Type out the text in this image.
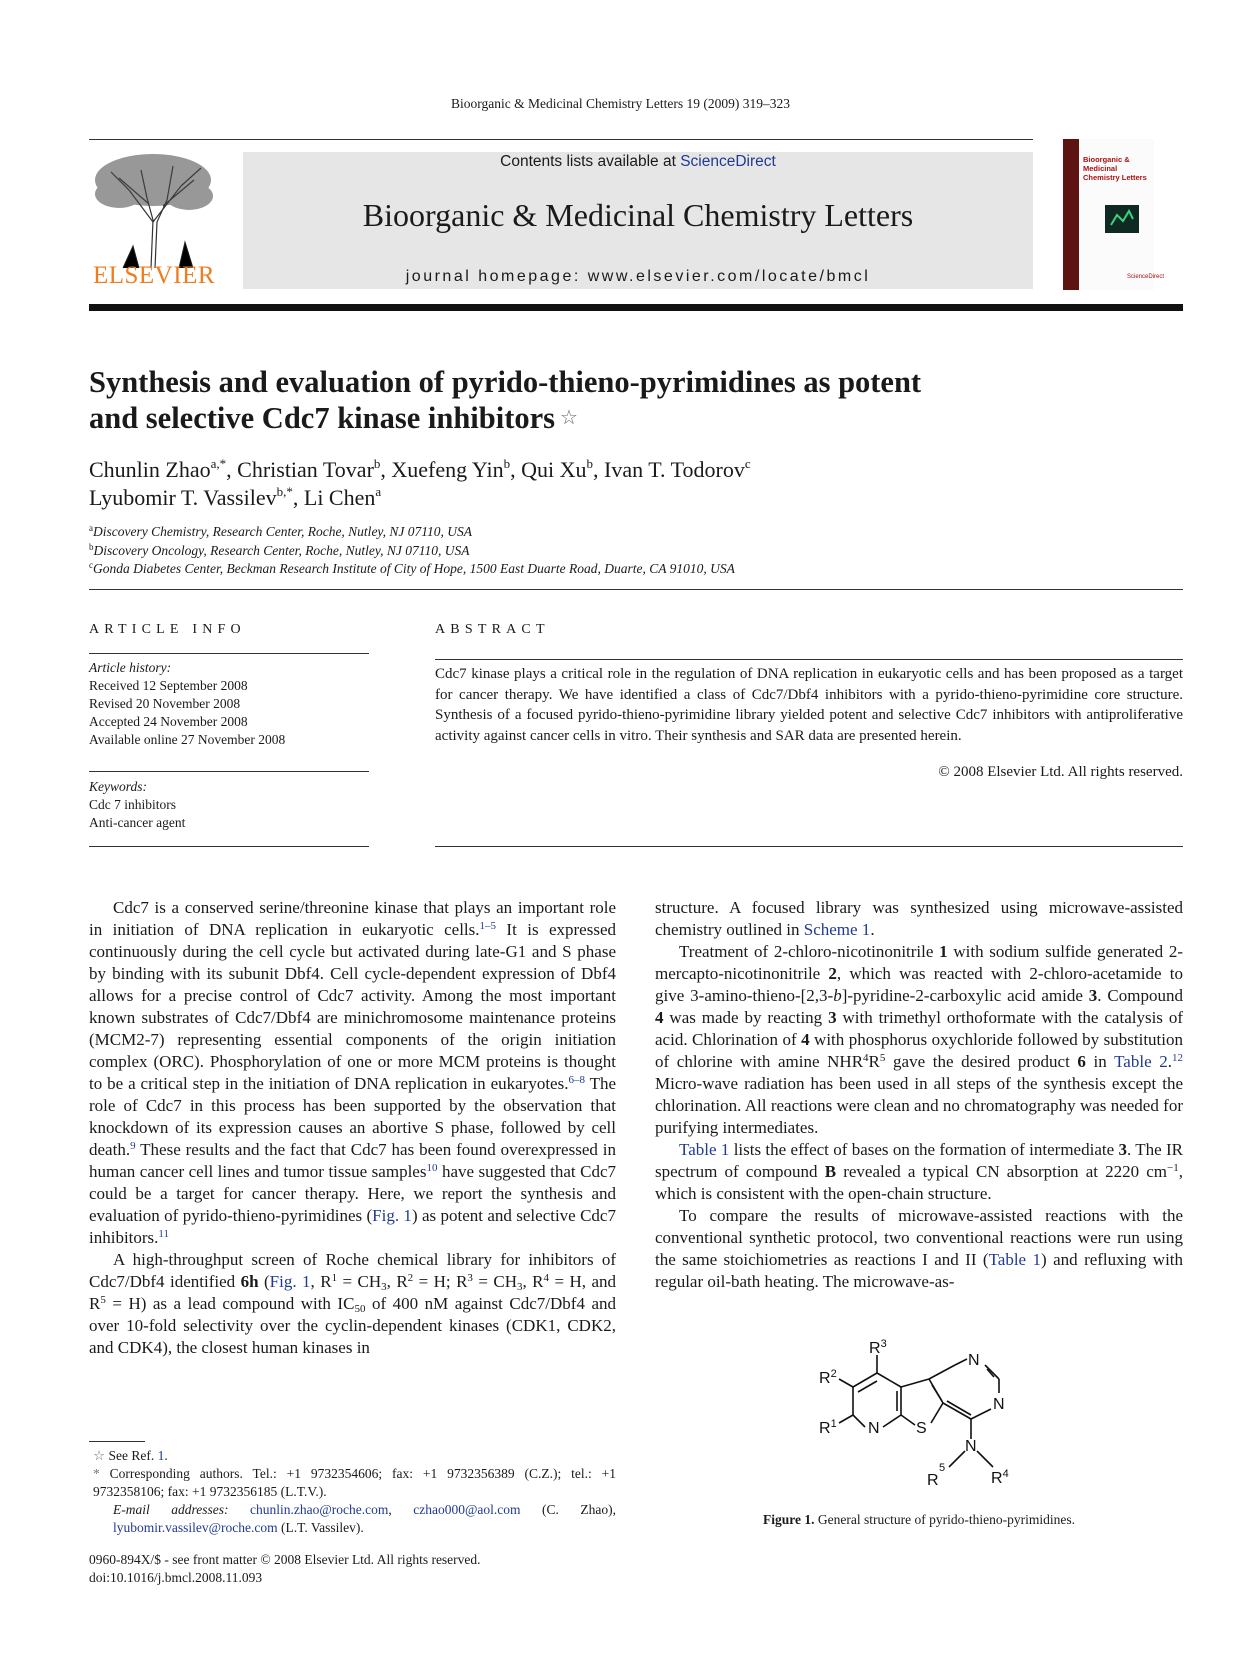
Bioorganic & Medicinal Chemistry Letters 19 (2009) 319–323
ELSEVIER
Contents lists available at ScienceDirect
Bioorganic & Medicinal Chemistry Letters
journal homepage: www.elsevier.com/locate/bmcl
Bioorganic & Medicinal Chemistry Letters
ScienceDirect
Synthesis and evaluation of pyrido-thieno-pyrimidines as potent
and selective Cdc7 kinase inhibitors ☆
Chunlin Zhao$^{a,*}$, Christian Tovar$^b$, Xuefeng Yin$^b$, Qui Xu$^b$, Ivan T. Todorov$^c$
Lyubomir T. Vassilev$^{b,*}$, Li Chen$^a$
$^a$Discovery Chemistry, Research Center, Roche, Nutley, NJ 07110, USA
$^b$Discovery Oncology, Research Center, Roche, Nutley, NJ 07110, USA
$^c$Gonda Diabetes Center, Beckman Research Institute of City of Hope, 1500 East Duarte Road, Duarte, CA 91010, USA
ARTICLE INFO
Article history:
Received 12 September 2008
Revised 20 November 2008
Accepted 24 November 2008
Available online 27 November 2008
Keywords:
Cdc 7 inhibitors
Anti-cancer agent
ABSTRACT
Cdc7 kinase plays a critical role in the regulation of DNA replication in eukaryotic cells and has been proposed as a target for cancer therapy. We have identified a class of Cdc7/Dbf4 inhibitors with a pyrido-thieno-pyrimidine core structure. Synthesis of a focused pyrido-thieno-pyrimidine library yielded potent and selective Cdc7 inhibitors with antiproliferative activity against cancer cells in vitro. Their synthesis and SAR data are presented herein.
© 2008 Elsevier Ltd. All rights reserved.

Cdc7 is a conserved serine/threonine kinase that plays an important role in initiation of DNA replication in eukaryotic cells.$^{1-5}$ It is expressed continuously during the cell cycle but activated during late-G1 and S phase by binding with its subunit Dbf4. Cell cycle-dependent expression of Dbf4 allows for a precise control of Cdc7 activity. Among the most important known substrates of Cdc7/Dbf4 are minichromosome maintenance proteins (MCM2-7) representing essential components of the origin initiation complex (ORC). Phosphorylation of one or more MCM proteins is thought to be a critical step in the initiation of DNA replication in eukaryotes.$^{6-8}$ The role of Cdc7 in this process has been supported by the observation that knockdown of its expression causes an abortive S phase, followed by cell death.$^9$ These results and the fact that Cdc7 has been found overexpressed in human cancer cell lines and tumor tissue samples$^{10}$ have suggested that Cdc7 could be a target for cancer therapy. Here, we report the synthesis and evaluation of pyrido-thieno-pyrimidines (Fig. 1) as potent and selective Cdc7 inhibitors.$^{11}$

A high-throughput screen of Roche chemical library for inhibitors of Cdc7/Dbf4 identified 6h (Fig. 1, $R^1 = CH_3$, $R^2 = H$; $R^3 = CH_3$, $R^4 = H$, and $R^5 = H$) as a lead compound with $IC_{50}$ of 400 nM against Cdc7/Dbf4 and over 10-fold selectivity over the cyclin-dependent kinases (CDK1, CDK2, and CDK4), the closest human kinases in

structure. A focused library was synthesized using microwave-assisted chemistry outlined in Scheme 1.

Treatment of 2-chloro-nicotinonitrile 1 with sodium sulfide generated 2-mercapto-nicotinonitrile 2, which was reacted with 2-chloro-acetamide to give 3-amino-thieno-[2,3-b]-pyridine-2-carboxylic acid amide 3. Compound 4 was made by reacting 3 with trimethyl orthoformate with the catalysis of acid. Chlorination of 4 with phosphorus oxychloride followed by substitution of chlorine with amine $NHR^4R^5$ gave the desired product 6 in Table 2.12 Micro-wave radiation has been used in all steps of the synthesis except the chlorination. All reactions were clean and no chromatography was needed for purifying intermediates.

Table 1 lists the effect of bases on the formation of intermediate 3. The IR spectrum of compound B revealed a typical CN absorption at 2220 $cm^{-1}$, which is consistent with the open-chain structure.

To compare the results of microwave-assisted reactions with the conventional synthetic protocol, two conventional reactions were run using the same stoichiometries as reactions I and II (Table 1) and refluxing with regular oil-bath heating. The microwave-as-

$R^3$
$R^2$
$R^1$ N S
N
N
N
R
5
$R^4$
Figure 1. General structure of pyrido-thieno-pyrimidines.
☆ See Ref. 1.
* Corresponding authors. Tel.: +1 9732354606; fax: +1 9732356389 (C.Z.); tel.: +1 9732358106; fax: +1 9732356185 (L.T.V.).
E-mail addresses: chunlin.zhao@roche.com, czhao000@aol.com (C. Zhao), lyubomir.vassilev@roche.com (L.T. Vassilev).
0960-894X/$ - see front matter © 2008 Elsevier Ltd. All rights reserved.
doi:10.1016/j.bmcl.2008.11.093
